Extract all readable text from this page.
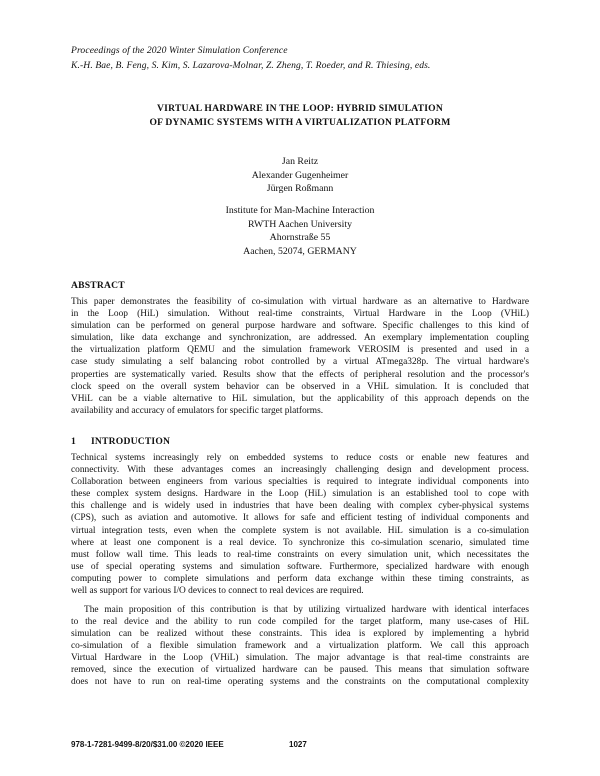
Proceedings of the 2020 Winter Simulation Conference
K.-H. Bae, B. Feng, S. Kim, S. Lazarova-Molnar, Z. Zheng, T. Roeder, and R. Thiesing, eds.
VIRTUAL HARDWARE IN THE LOOP: HYBRID SIMULATION
OF DYNAMIC SYSTEMS WITH A VIRTUALIZATION PLATFORM
Jan Reitz
Alexander Gugenheimer
Jürgen Roßmann
Institute for Man-Machine Interaction
RWTH Aachen University
Ahornstraße 55
Aachen, 52074, GERMANY
ABSTRACT
This paper demonstrates the feasibility of co-simulation with virtual hardware as an alternative to Hardware
in the Loop (HiL) simulation. Without real-time constraints, Virtual Hardware in the Loop (VHiL)
simulation can be performed on general purpose hardware and software. Specific challenges to this kind of
simulation, like data exchange and synchronization, are addressed. An exemplary implementation coupling
the virtualization platform QEMU and the simulation framework VEROSIM is presented and used in a
case study simulating a self balancing robot controlled by a virtual ATmega328p. The virtual hardware's
properties are systematically varied. Results show that the effects of peripheral resolution and the processor's
clock speed on the overall system behavior can be observed in a VHiL simulation. It is concluded that
VHiL can be a viable alternative to HiL simulation, but the applicability of this approach depends on the
availability and accuracy of emulators for specific target platforms.
1 INTRODUCTION
Technical systems increasingly rely on embedded systems to reduce costs or enable new features and
connectivity. With these advantages comes an increasingly challenging design and development process.
Collaboration between engineers from various specialties is required to integrate individual components into
these complex system designs. Hardware in the Loop (HiL) simulation is an established tool to cope with
this challenge and is widely used in industries that have been dealing with complex cyber-physical systems
(CPS), such as aviation and automotive. It allows for safe and efficient testing of individual components and
virtual integration tests, even when the complete system is not available. HiL simulation is a co-simulation
where at least one component is a real device. To synchronize this co-simulation scenario, simulated time
must follow wall time. This leads to real-time constraints on every simulation unit, which necessitates the
use of special operating systems and simulation software. Furthermore, specialized hardware with enough
computing power to complete simulations and perform data exchange within these timing constraints, as
well as support for various I/O devices to connect to real devices are required.
The main proposition of this contribution is that by utilizing virtualized hardware with identical interfaces
to the real device and the ability to run code compiled for the target platform, many use-cases of HiL
simulation can be realized without these constraints. This idea is explored by implementing a hybrid
co-simulation of a flexible simulation framework and a virtualization platform. We call this approach
Virtual Hardware in the Loop (VHiL) simulation. The major advantage is that real-time constraints are
removed, since the execution of virtualized hardware can be paused. This means that simulation software
does not have to run on real-time operating systems and the constraints on the computational complexity
978-1-7281-9499-8/20/$31.00 ©2020 IEEE	1027
